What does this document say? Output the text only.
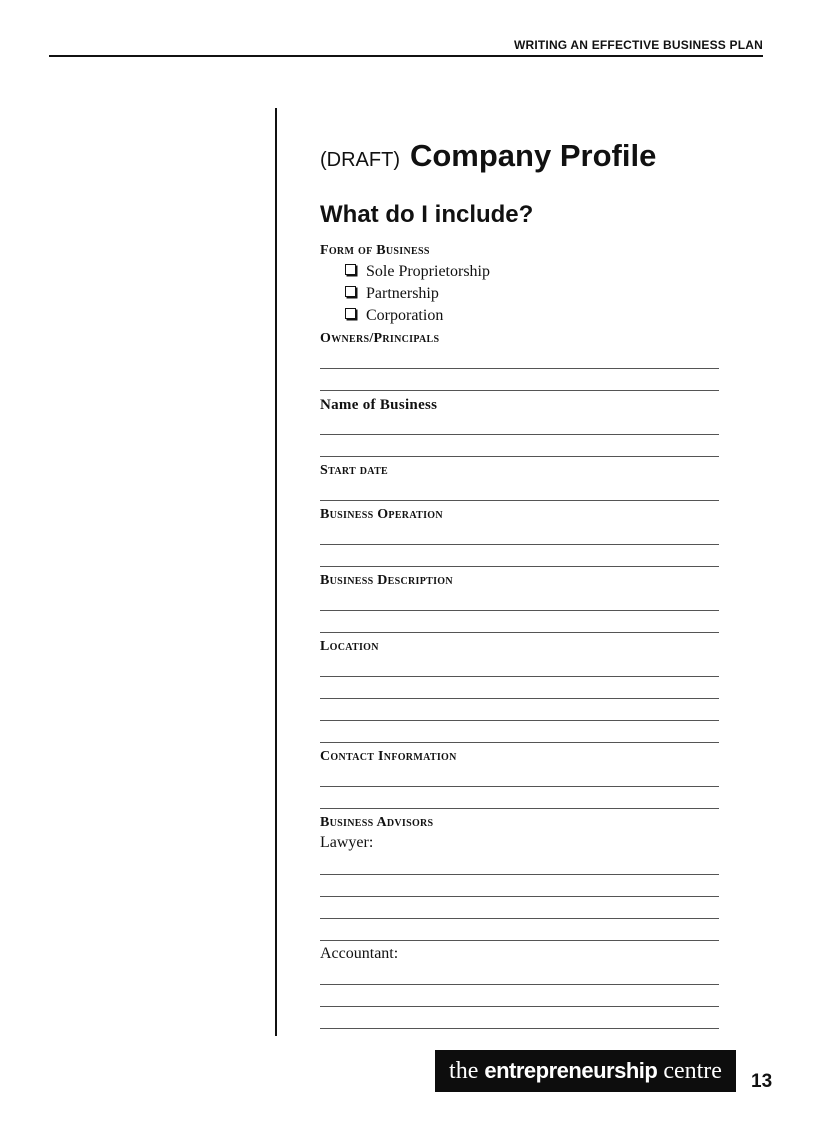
WRITING AN EFFECTIVE BUSINESS PLAN
(DRAFT) Company Profile
What do I include?
Form of Business
Sole Proprietorship
Partnership
Corporation
Owners/Principals
Name of Business
Start date
Business Operation
Business Description
Location
Contact Information
Business Advisors
Lawyer:
Accountant:
the entrepreneurship centre	13
